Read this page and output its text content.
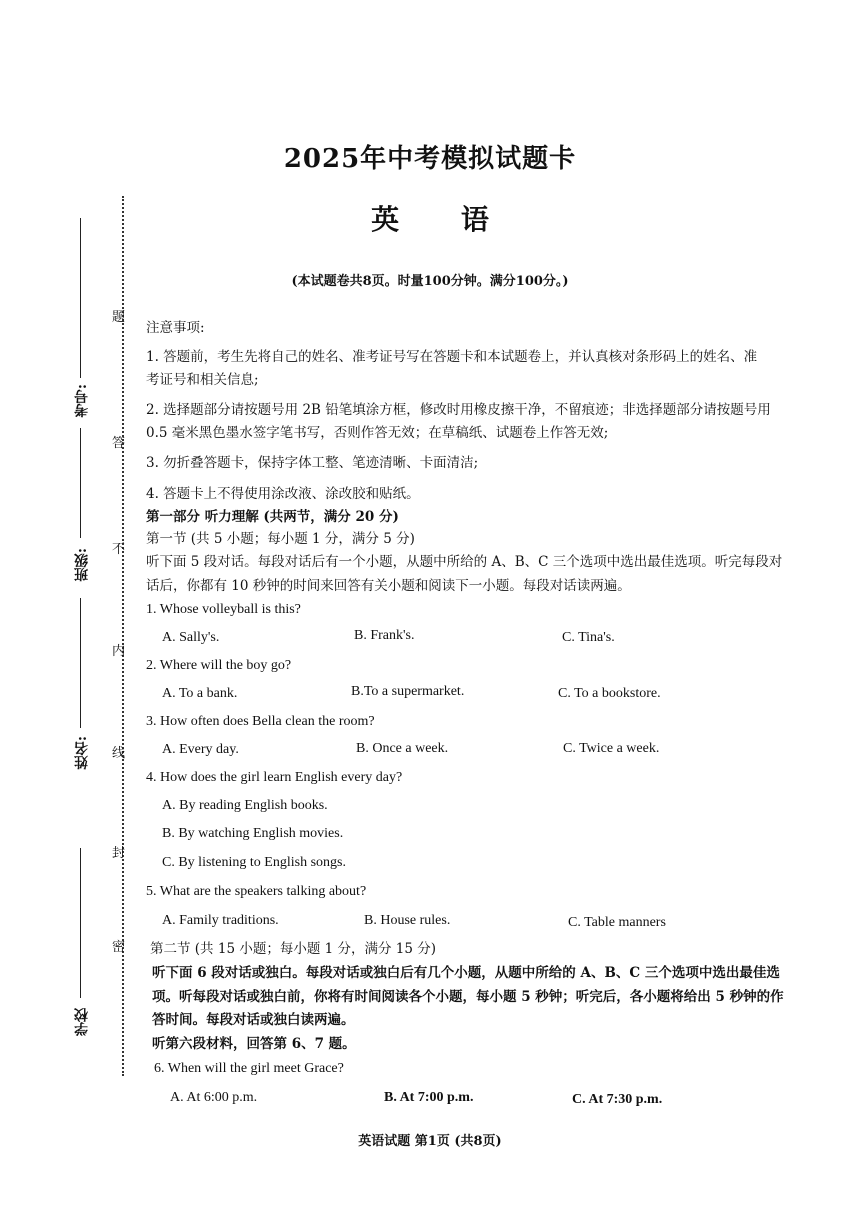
2025年中考模拟试题卡
英 语
(本试题卷共8页。时量100分钟。满分100分。)
题
答
不
内
线
封
密
考号:
班级:
姓名:
学校
注意事项:
1. 答题前，考生先将自己的姓名、准考证号写在答题卡和本试题卷上，并认真核对条形码上的姓名、准
考证号和相关信息;
2. 选择题部分请按题号用 2B 铅笔填涂方框，修改时用橡皮擦干净，不留痕迹；非选择题部分请按题号用
0.5 毫米黑色墨水签字笔书写，否则作答无效；在草稿纸、试题卷上作答无效;
3. 勿折叠答题卡，保持字体工整、笔迹清晰、卡面清洁;
4. 答题卡上不得使用涂改液、涂改胶和贴纸。
第一部分 听力理解 (共两节，满分 20 分)
第一节 (共 5 小题；每小题 1 分，满分 5 分)
听下面 5 段对话。每段对话后有一个小题，从题中所给的 A、B、C 三个选项中选出最佳选项。听完每段对
话后，你都有 10 秒钟的时间来回答有关小题和阅读下一小题。每段对话读两遍。
1. Whose volleyball is this?
A. Sally's.	B. Frank's.	C. Tina's.
2. Where will the boy go?
A. To a bank.	B.To a supermarket.	C. To a bookstore.
3. How often does Bella clean the room?
A. Every day.	B. Once a week.	C. Twice a week.
4. How does the girl learn English every day?
A. By reading English books.
B. By watching English movies.
C. By listening to English songs.
5. What are the speakers talking about?
A. Family traditions.	B. House rules.	C. Table manners
第二节 (共 15 小题；每小题 1 分，满分 15 分)
听下面 6 段对话或独白。每段对话或独白后有几个小题，从题中所给的 A、B、C 三个选项中选出最佳选
项。听每段对话或独白前，你将有时间阅读各个小题，每小题 5 秒钟；听完后，各小题将给出 5 秒钟的作
答时间。每段对话或独白读两遍。
听第六段材料，回答第 6、7 题。
6. When will the girl meet Grace?
A. At 6:00 p.m.	B. At 7:00 p.m.	C. At 7:30 p.m.
英语试题 第1页 (共8页)
